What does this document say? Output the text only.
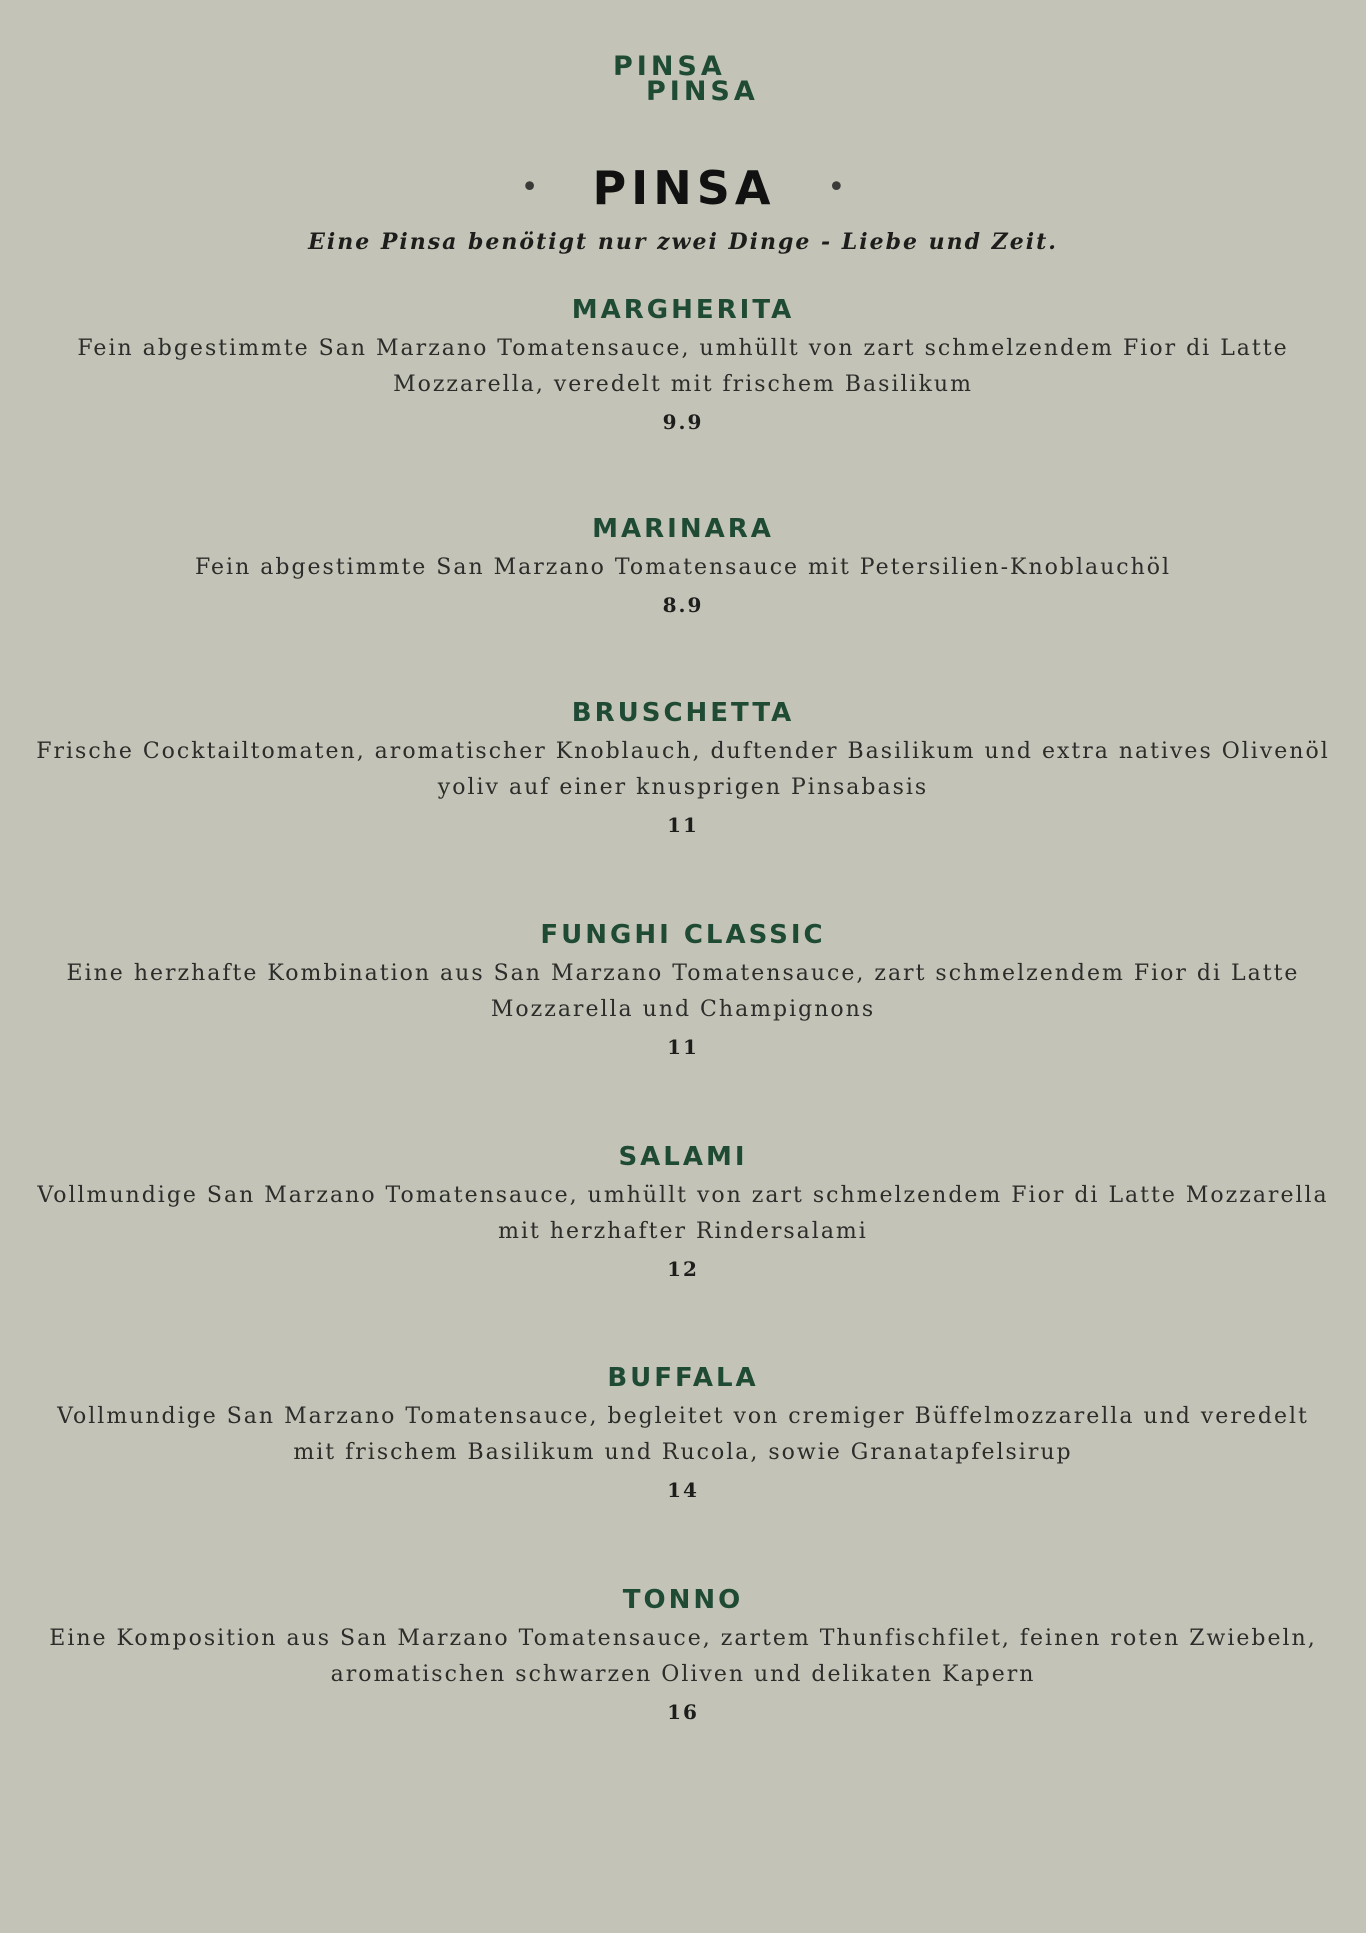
PINSA
PINSA
• PINSA •
Eine Pinsa benötigt nur zwei Dinge - Liebe und Zeit.
MARGHERITA
Fein abgestimmte San Marzano Tomatensauce, umhüllt von zart schmelzendem Fior di Latte
Mozzarella, veredelt mit frischem Basilikum
9.9
MARINARA
Fein abgestimmte San Marzano Tomatensauce mit Petersilien-Knoblauchöl
8.9
BRUSCHETTA
Frische Cocktailtomaten, aromatischer Knoblauch, duftender Basilikum und extra natives Olivenöl
yoliv auf einer knusprigen Pinsabasis
11
FUNGHI CLASSIC
Eine herzhafte Kombination aus San Marzano Tomatensauce, zart schmelzendem Fior di Latte
Mozzarella und Champignons
11
SALAMI
Vollmundige San Marzano Tomatensauce, umhüllt von zart schmelzendem Fior di Latte Mozzarella
mit herzhafter Rindersalami
12
BUFFALA
Vollmundige San Marzano Tomatensauce, begleitet von cremiger Büffelmozzarella und veredelt
mit frischem Basilikum und Rucola, sowie Granatapfelsirup
14
TONNO
Eine Komposition aus San Marzano Tomatensauce, zartem Thunfischfilet, feinen roten Zwiebeln,
aromatischen schwarzen Oliven und delikaten Kapern
16
